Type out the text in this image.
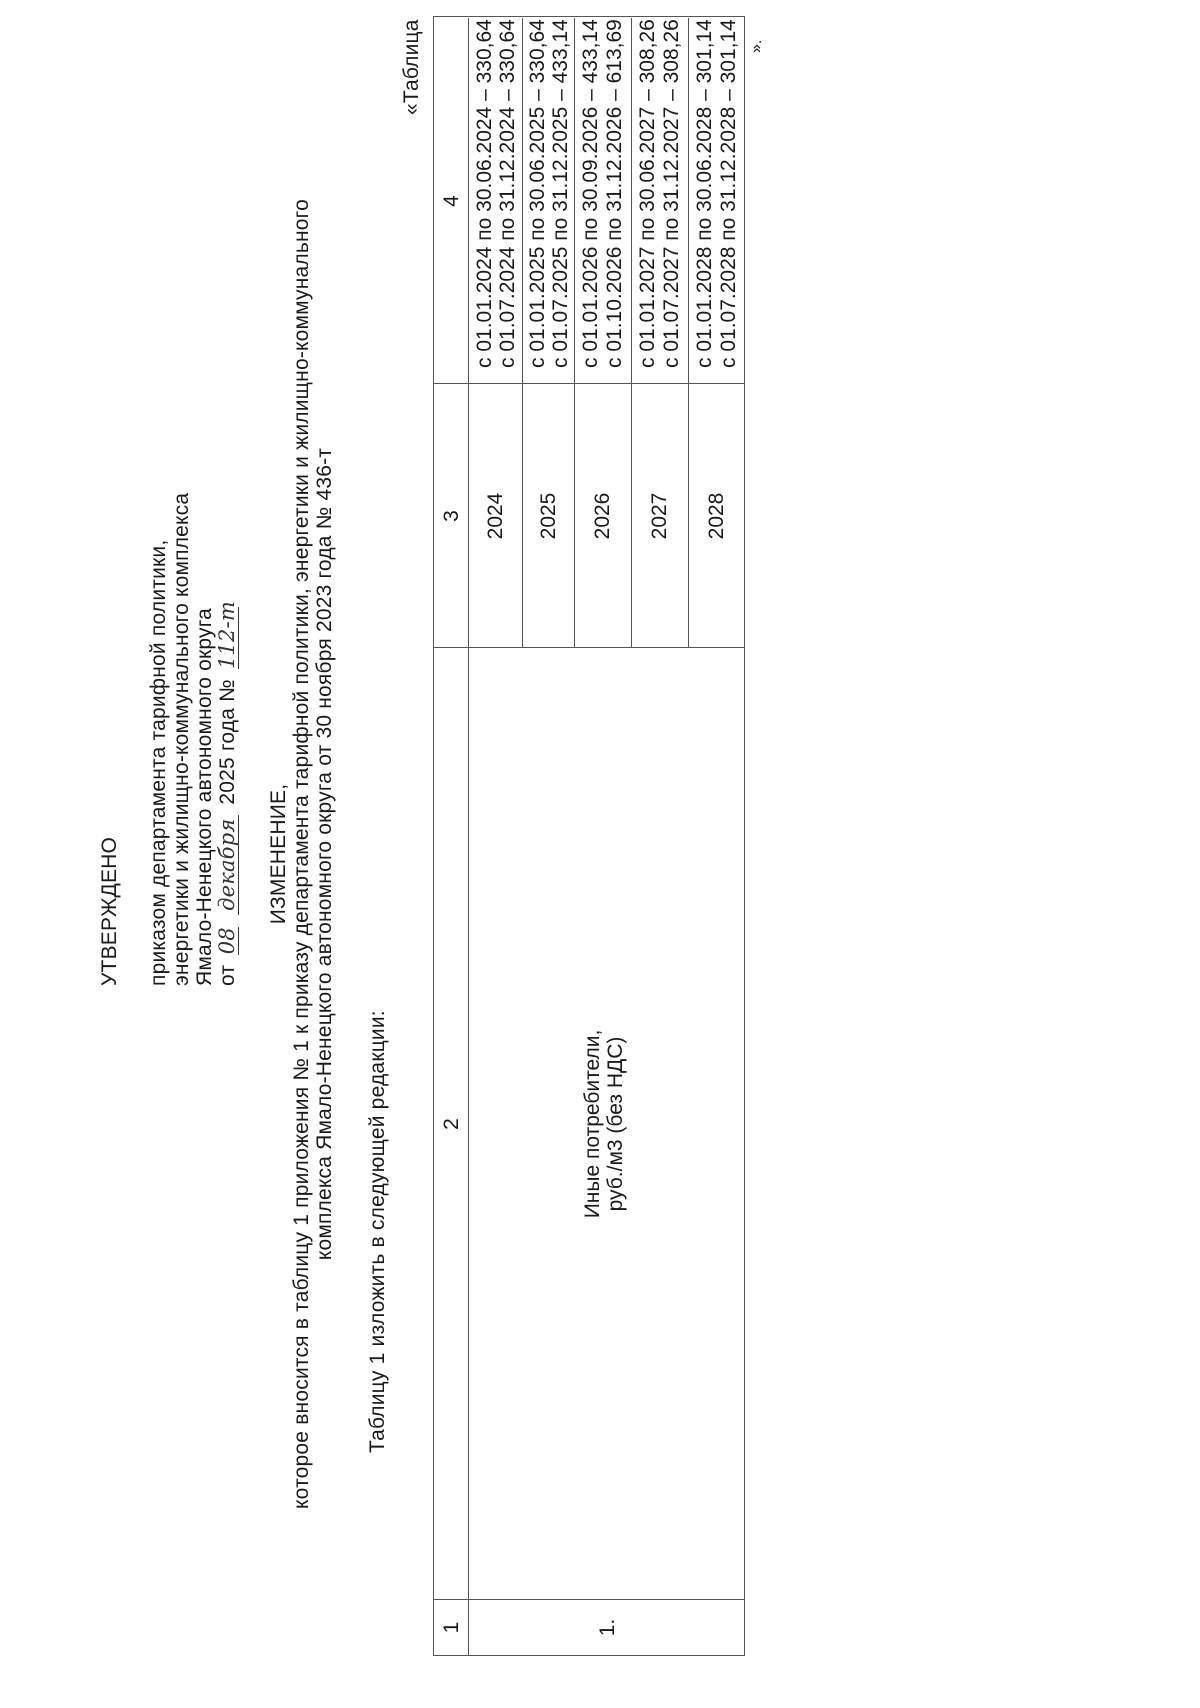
УТВЕРЖДЕНО приказом департамента тарифной политики, энергетики и жилищно-коммунального комплекса Ямало-Ненецкого автономного округа от 08 декабря 2025 года № 112-т
ИЗМЕНЕНИЕ, которое вносится в таблицу 1 приложения № 1 к приказу департамента тарифной политики, энергетики и жилищно-коммунального комплекса Ямало-Ненецкого автономного округа от 30 ноября 2023 года № 436-т Таблицу 1 изложить в следующей редакции:
«Таблица
1
2
3
4
1.
Иные потребители, руб./м3 (без НДС)
2024
с 01.01.2024 по 30.06.2024 – 330,64 с 01.07.2024 по 31.12.2024 – 330,64
2025
с 01.01.2025 по 30.06.2025 – 330,64 с 01.07.2025 по 31.12.2025 – 433,14
2026
с 01.01.2026 по 30.09.2026 – 433,14 с 01.10.2026 по 31.12.2026 – 613,69
2027
с 01.01.2027 по 30.06.2027 – 308,26 с 01.07.2027 по 31.12.2027 – 308,26
2028
с 01.01.2028 по 30.06.2028 – 301,14 с 01.07.2028 по 31.12.2028 – 301,14 ».
